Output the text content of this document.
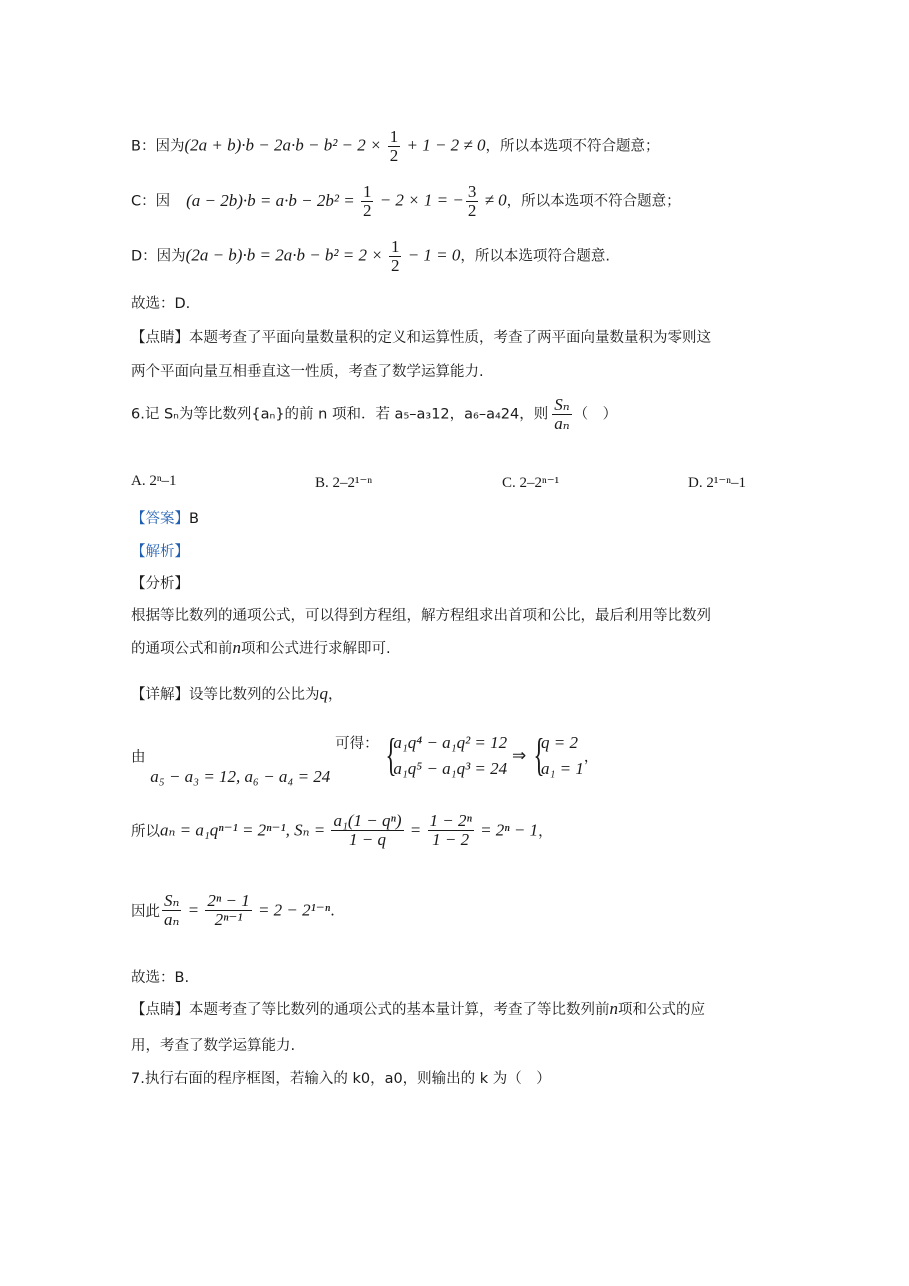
B：因为$(2a + b)\cdot b - 2a\cdot b - b^2 - 2 \times \frac{1}{2} + 1 - 2 \ne 0$，所以本选项不符合题意；
C：因 $(a - 2b)\cdot b = a\cdot b - 2b^2 = \frac{1}{2} - 2 \times 1$ = − $\frac{3}{2} \ne 0$，所以本选项不符合题意；
D：因为$(2a - b)\cdot b = 2a\cdot b - b^2 = 2 \times \frac{1}{2} - 1 = 0$，所以本选项符合题意.
故选：D.
【点睛】本题考查了平面向量数量积的定义和运算性质，考查了两平面向量数量积为零则这
两个平面向量互相垂直这一性质，考查了数学运算能力.
6.记 Sₙ为等比数列{aₙ}的前 n 项和．若 a₅–a₃12，a₆–a₄24，则 $\frac{\text{Sₙ}}{\text{aₙ}}$ （　）
A. 2ⁿ–1	B. 2–2¹⁻ⁿ	C. 2–2ⁿ⁻¹	D. 2¹⁻ⁿ–1
【答案】B
【解析】
【分析】
根据等比数列的通项公式，可以得到方程组，解方程组求出首项和公比，最后利用等比数列
的通项公式和前n项和公式进行求解即可.
【详解】设等比数列的公比为q，
由 a₅ − a₃ = 12, a₆ − a₄ = 24 可得：
{ a₁q⁴ − a₁q² = 12
a₁q⁵ − a₁q³ = 24
⇒
{ q = 2
a₁ = 1
，
所以aₙ = a₁qⁿ⁻¹ = 2ⁿ⁻¹, $S_n = \frac{\text{a₁(1 − qⁿ)}}{1 - q} = \frac{\text{1 − 2ⁿ}}{1 - 2} = 2^n - 1$，
因此 $\frac{\text{Sₙ}}{\text{aₙ}} = \frac{\text{2ⁿ − 1}}{\text{2ⁿ⁻¹}} = 2 - 2^{1-n}$.
故选：B.
【点睛】本题考查了等比数列的通项公式的基本量计算，考查了等比数列前n项和公式的应
用，考查了数学运算能力.
7.执行右面的程序框图，若输入的 k0，a0，则输出的 k 为（　）
